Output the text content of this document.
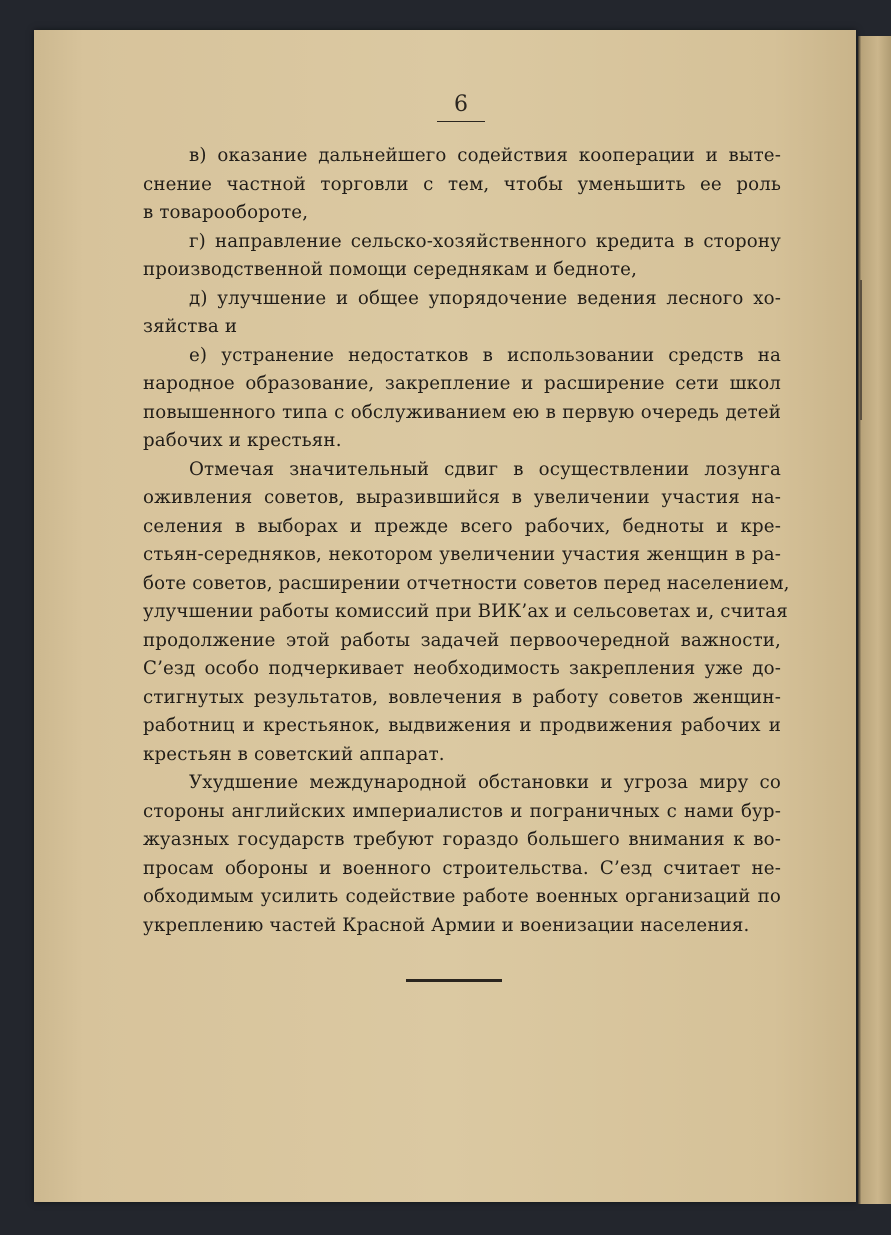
6
в) оказание дальнейшего содействия кооперации и выте-
снение частной торговли с тем, чтобы уменьшить ее роль
в товарообороте,
г) направление сельско-хозяйственного кредита в сторону
производственной помощи середнякам и бедноте,
д) улучшение и общее упорядочение ведения лесного хо-
зяйства и
е) устранение недостатков в использовании средств на
народное образование, закрепление и расширение сети школ
повышенного типа с обслуживанием ею в первую очередь детей
рабочих и крестьян.
Отмечая значительный сдвиг в осуществлении лозунга
оживления советов, выразившийся в увеличении участия на-
селения в выборах и прежде всего рабочих, бедноты и кре-
стьян-середняков, некотором увеличении участия женщин в ра-
боте советов, расширении отчетности советов перед населением,
улучшении работы комиссий при ВИК’ах и сельсоветах и, считая
продолжение этой работы задачей первоочередной важности,
С’езд особо подчеркивает необходимость закрепления уже до-
стигнутых результатов, вовлечения в работу советов женщин-
работниц и крестьянок, выдвижения и продвижения рабочих и
крестьян в советский аппарат.
Ухудшение международной обстановки и угроза миру со
стороны английских империалистов и пограничных с нами бур-
жуазных государств требуют гораздо большего внимания к во-
просам обороны и военного строительства. С’езд считает не-
обходимым усилить содействие работе военных организаций по
укреплению частей Красной Армии и военизации населения.
